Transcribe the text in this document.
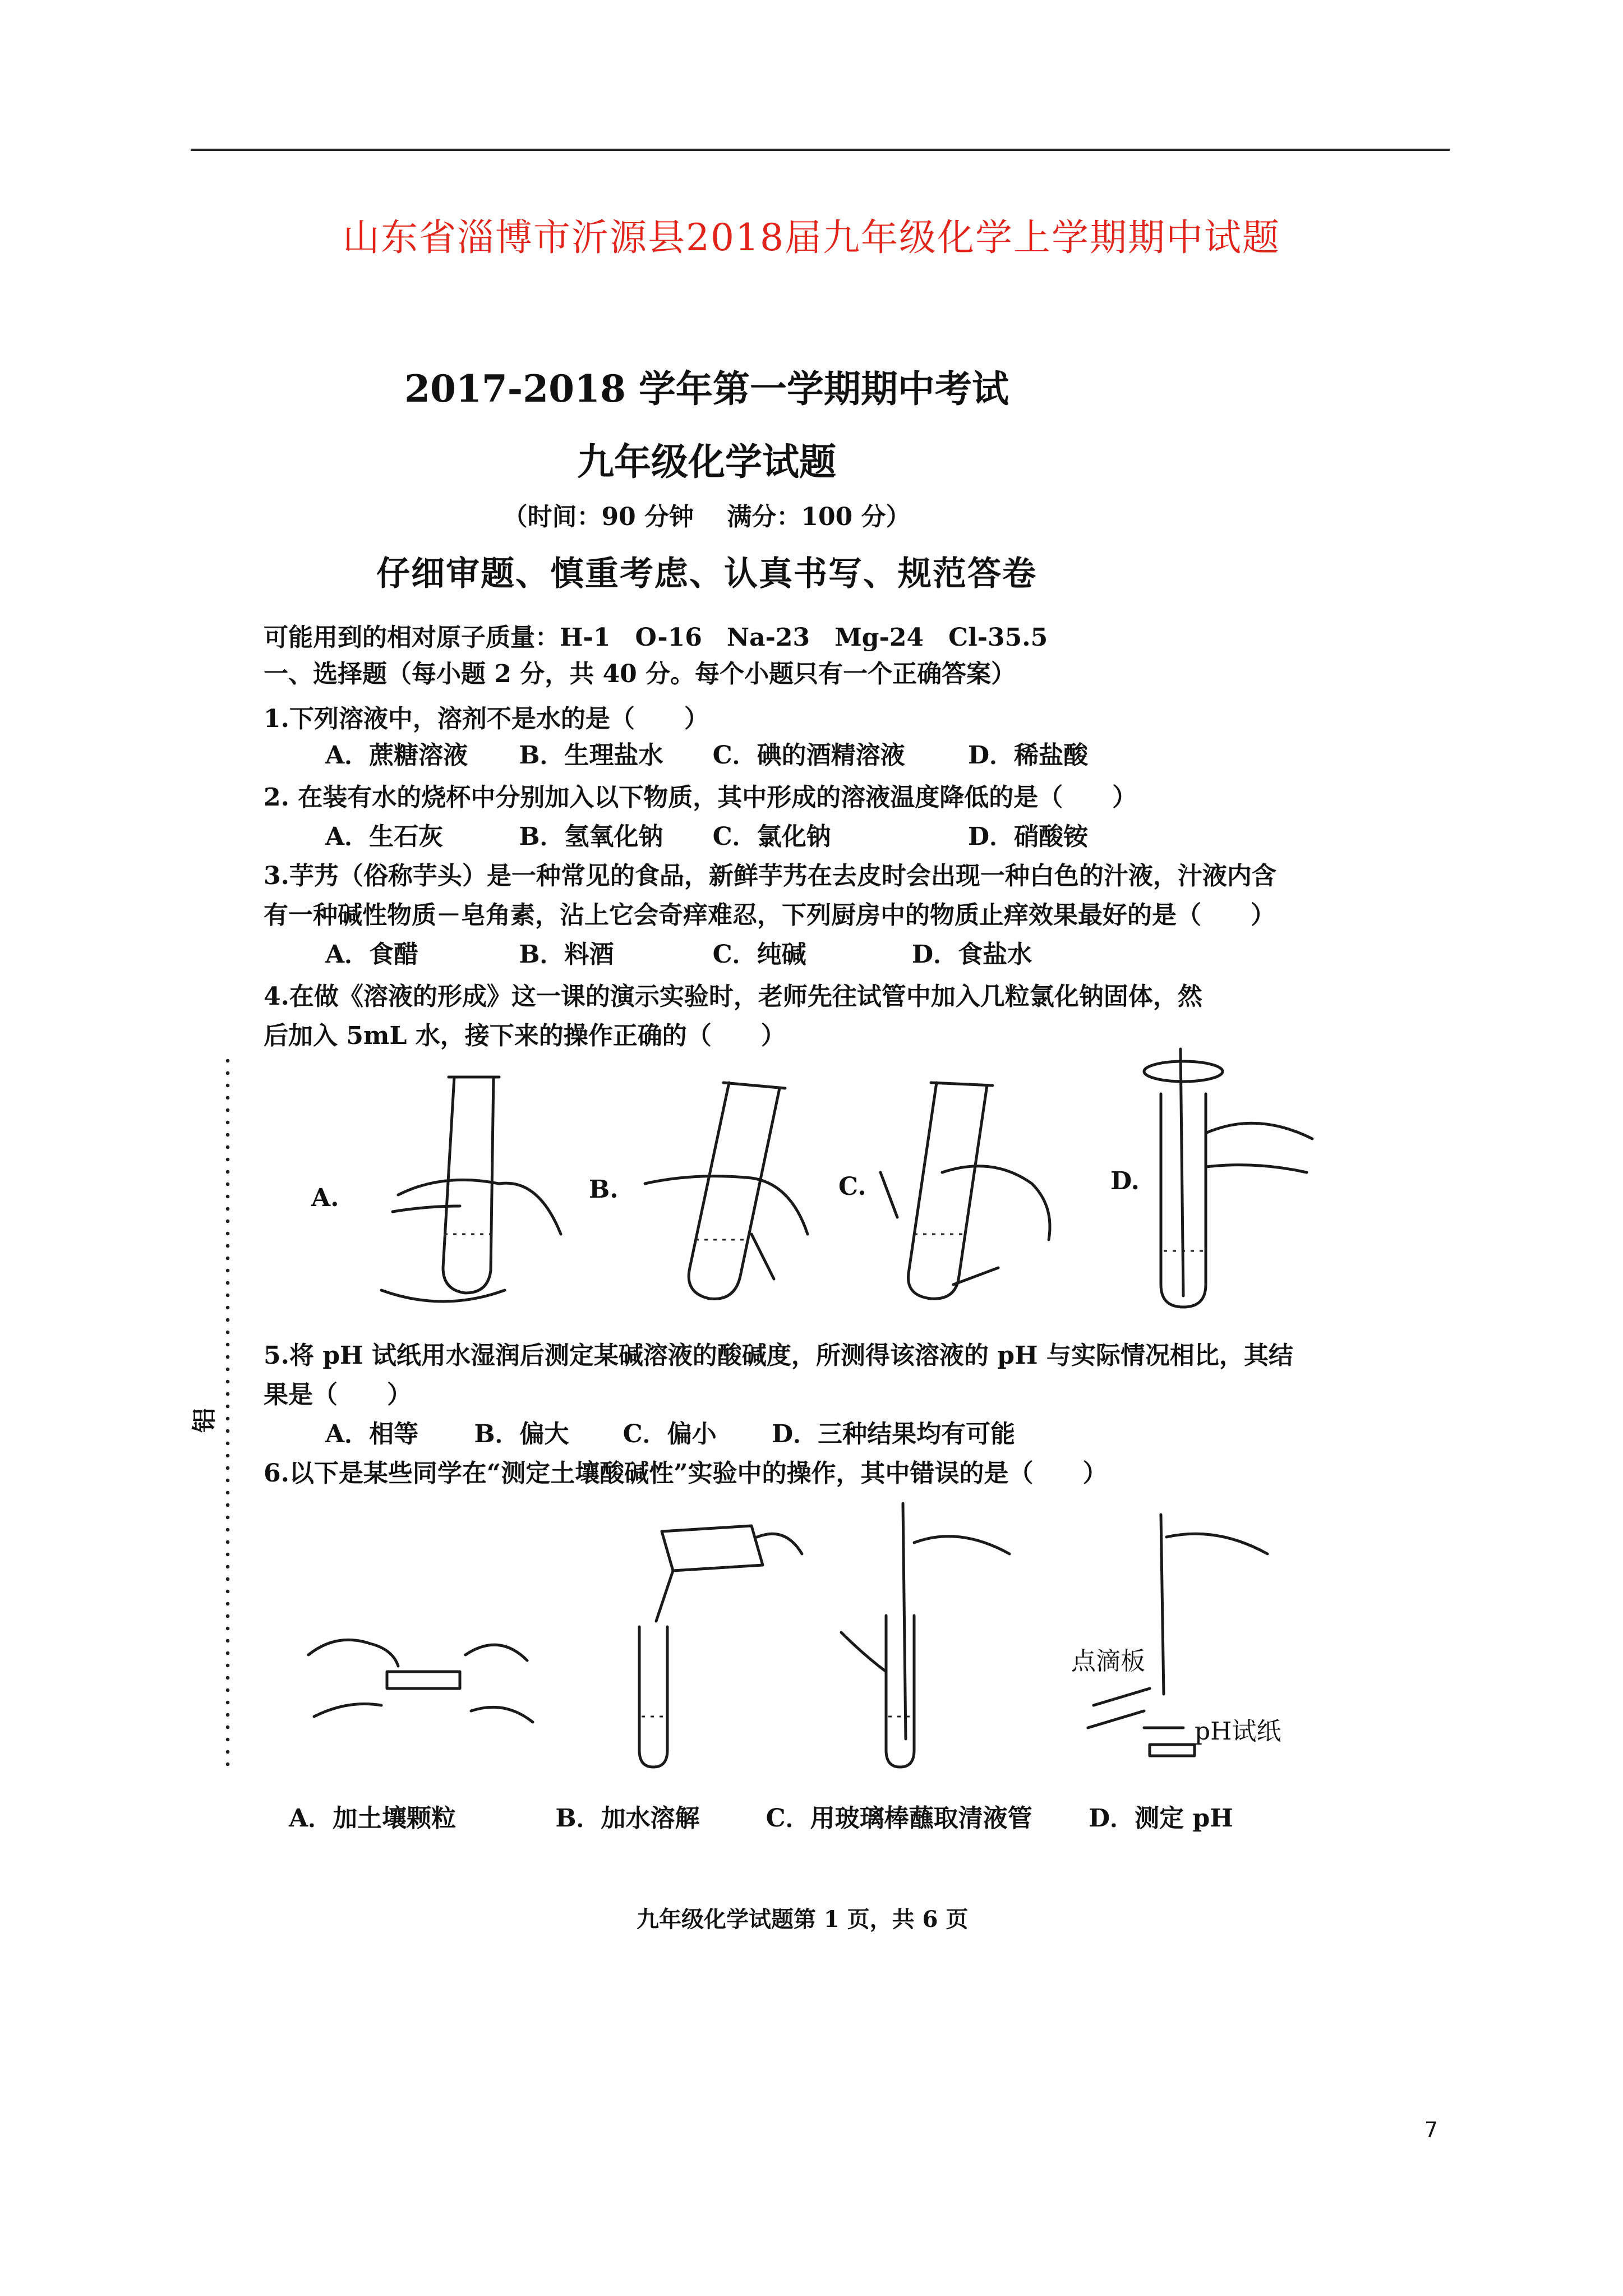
山东省淄博市沂源县2018届九年级化学上学期期中试题
2017-2018 学年第一学期期中考试
九年级化学试题
（时间：90 分钟　 满分：100 分）
仔细审题、慎重考虑、认真书写、规范答卷
可能用到的相对原子质量：H-1　O-16　Na-23　Mg-24　Cl-35.5
一、选择题（每小题 2 分，共 40 分。每个小题只有一个正确答案）
1.下列溶液中，溶剂不是水的是（　　）
A．蔗糖溶液 B．生理盐水 C．碘的酒精溶液	D．稀盐酸
2. 在装有水的烧杯中分别加入以下物质，其中形成的溶液温度降低的是（　　）
A．生石灰	B．氢氧化钠 C．氯化钠	D．硝酸铵
3.芋艿（俗称芋头）是一种常见的食品，新鲜芋艿在去皮时会出现一种白色的汁液，汁液内含
有一种碱性物质－皂角素，沾上它会奇痒难忍，下列厨房中的物质止痒效果最好的是（　　）
A．食醋	B．料酒	C．纯碱	D．食盐水
4.在做《溶液的形成》这一课的演示实验时，老师先往试管中加入几粒氯化钠固体，然
后加入 5mL 水，接下来的操作正确的（　　）
A.	B.	C.	D.
5.将 pH 试纸用水湿润后测定某碱溶液的酸碱度，所测得该溶液的 pH 与实际情况相比，其结
果是（　　）
A．相等 B．偏大 C．偏小 D．三种结果均有可能
6.以下是某些同学在“测定土壤酸碱性”实验中的操作，其中错误的是（　　）
点滴板
pH试纸
A．加土壤颗粒	B．加水溶解	C．用玻璃棒蘸取清液管 D．测定 pH
铝
九年级化学试题第 1 页，共 6 页
7
